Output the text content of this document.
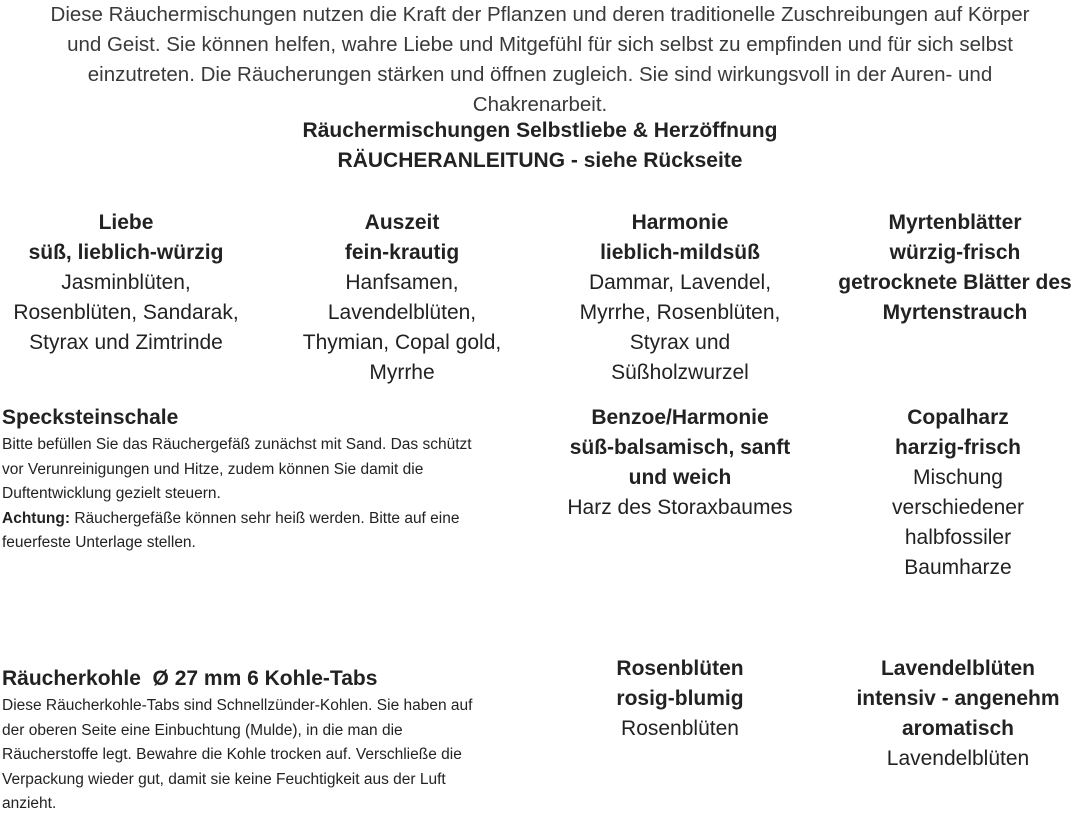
Diese Räuchermischungen nutzen die Kraft der Pflanzen und deren traditionelle Zuschreibungen auf Körper

und Geist. Sie können helfen, wahre Liebe und Mitgefühl für sich selbst zu empfinden und für sich selbst

einzutreten. Die Räucherungen stärken und öffnen zugleich. Sie sind wirkungsvoll in der Auren- und

Chakrenarbeit.

Räuchermischungen Selbstliebe & Herzöffnung
RÄUCHERANLEITUNG - siehe Rückseite
Liebe
süß, lieblich-würzig
Jasminblüten,
Rosenblüten, Sandarak,
Styrax und Zimtrinde
Auszeit
fein-krautig
Hanfsamen,
Lavendelblüten,
Thymian, Copal gold,
Myrrhe
Harmonie
lieblich-mildsüß
Dammar, Lavendel,
Myrrhe, Rosenblüten,
Styrax und
Süßholzwurzel
Myrtenblätter
würzig-frisch
getrocknete Blätter des
Myrtenstrauch
Specksteinschale

Bitte befüllen Sie das Räuchergefäß zunächst mit Sand. Das schützt

vor Verunreinigungen und Hitze, zudem können Sie damit die

Duftentwicklung gezielt steuern.

Achtung: Räuchergefäße können sehr heiß werden. Bitte auf eine

feuerfeste Unterlage stellen.

Benzoe/Harmonie
süß-balsamisch, sanft
und weich
Harz des Storaxbaumes
Copalharz
harzig-frisch
Mischung
verschiedener
halbfossiler
Baumharze
Räucherkohle  Ø 27 mm 6 Kohle-Tabs

Diese Räucherkohle-Tabs sind Schnellzünder-Kohlen. Sie haben auf

der oberen Seite eine Einbuchtung (Mulde), in die man die

Räucherstoffe legt. Bewahre die Kohle trocken auf. Verschließe die

Verpackung wieder gut, damit sie keine Feuchtigkeit aus der Luft

anzieht.

Rosenblüten
rosig-blumig
Rosenblüten
Lavendelblüten
intensiv - angenehm
aromatisch
Lavendelblüten
